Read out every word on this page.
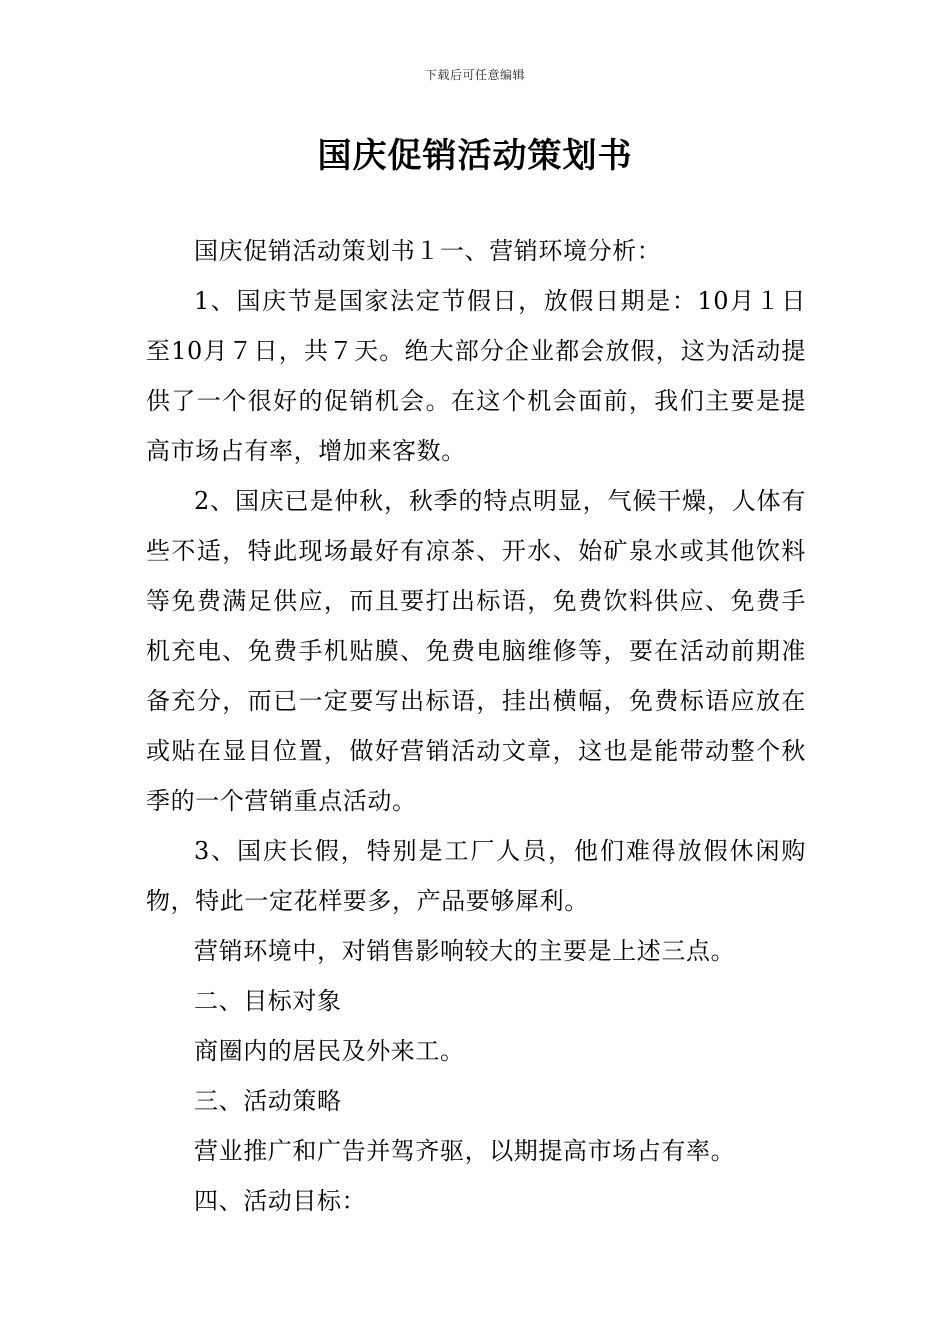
下载后可任意编辑
国庆促销活动策划书

国庆促销活动策划书１一、营销环境分析：

1、国庆节是国家法定节假日，放假日期是：10月１日至10月７日，共７天。绝大部分企业都会放假，这为活动提供了一个很好的促销机会。在这个机会面前，我们主要是提高市场占有率，增加来客数。

2、国庆已是仲秋，秋季的特点明显，气候干燥，人体有些不适，特此现场最好有凉茶、开水、始矿泉水或其他饮料等免费满足供应，而且要打出标语，免费饮料供应、免费手机充电、免费手机贴膜、免费电脑维修等，要在活动前期准备充分，而已一定要写出标语，挂出横幅，免费标语应放在或贴在显目位置，做好营销活动文章，这也是能带动整个秋季的一个营销重点活动。

3、国庆长假，特别是工厂人员，他们难得放假休闲购物，特此一定花样要多，产品要够犀利。

营销环境中，对销售影响较大的主要是上述三点。

二、目标对象

商圈内的居民及外来工。

三、活动策略

营业推广和广告并驾齐驱，以期提高市场占有率。

四、活动目标：
